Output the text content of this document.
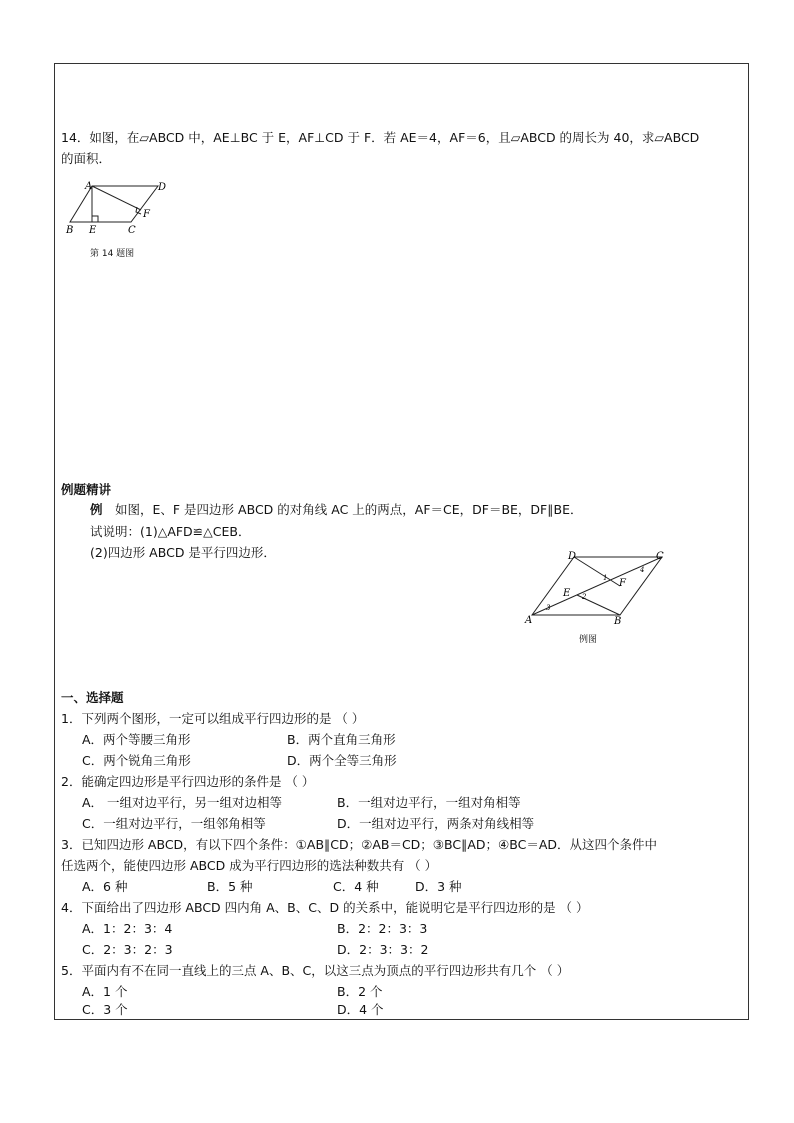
14．如图，在▱ABCD 中，AE⊥BC 于 E，AF⊥CD 于 F．若 AE＝4，AF＝6，且▱ABCD 的周长为 40，求▱ABCD
的面积．
A	D
F
B E	C
第 14 题图
例题精讲
例 如图，E、F 是四边形 ABCD 的对角线 AC 上的两点，AF＝CE，DF＝BE，DF∥BE．
试说明：(1)△AFD≌△CEB．
(2)四边形 ABCD 是平行四边形．	D	C
E
F
A	B
1
2
3
4
例图
一、选择题
1．下列两个图形，一定可以组成平行四边形的是 （ ）
A．两个等腰三角形	B．两个直角三角形
C．两个锐角三角形	D．两个全等三角形
2．能确定四边形是平行四边形的条件是 （ ）
A． 一组对边平行，另一组对边相等	B．一组对边平行，一组对角相等
C．一组对边平行，一组邻角相等	D．一组对边平行，两条对角线相等
3．已知四边形 ABCD，有以下四个条件：①AB∥CD；②AB＝CD；③BC∥AD；④BC＝AD．从这四个条件中
任选两个，能使四边形 ABCD 成为平行四边形的选法种数共有 （ ）
A．6 种	B．5 种	C．4 种	D．3 种
4．下面给出了四边形 ABCD 四内角 A、B、C、D 的关系中，能说明它是平行四边形的是 （ ）
A．1：2：3：4	B．2：2：3：3
C．2：3：2：3	D．2：3：3：2
5．平面内有不在同一直线上的三点 A、B、C，以这三点为顶点的平行四边形共有几个 （ ）
A．1 个	B．2 个
C．3 个	D．4 个
